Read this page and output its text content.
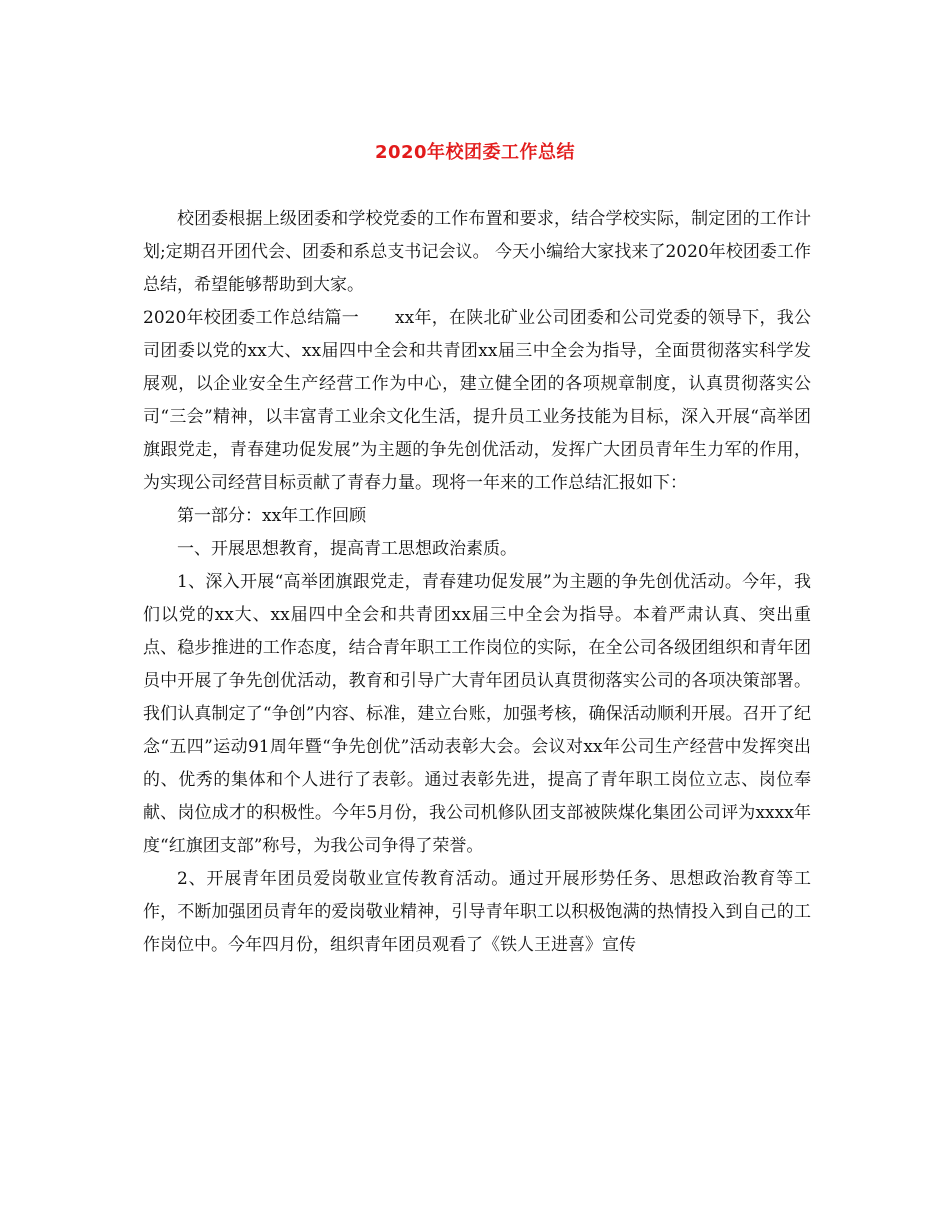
2020年校团委工作总结

校团委根据上级团委和学校党委的工作布置和要求，结合学校实际，制定团的工作计划;定期召开团代会、团委和系总支书记会议。 今天小编给大家找来了2020年校团委工作总结，希望能够帮助到大家。

2020年校团委工作总结篇一 xx年，在陕北矿业公司团委和公司党委的领导下，我公司团委以党的xx大、xx届四中全会和共青团xx届三中全会为指导，全面贯彻落实科学发展观，以企业安全生产经营工作为中心，建立健全团的各项规章制度，认真贯彻落实公司“三会”精神，以丰富青工业余文化生活，提升员工业务技能为目标，深入开展“高举团旗跟党走，青春建功促发展”为主题的争先创优活动，发挥广大团员青年生力军的作用，为实现公司经营目标贡献了青春力量。现将一年来的工作总结汇报如下：

第一部分：xx年工作回顾

一、开展思想教育，提高青工思想政治素质。

1、深入开展“高举团旗跟党走，青春建功促发展”为主题的争先创优活动。今年，我们以党的xx大、xx届四中全会和共青团xx届三中全会为指导。本着严肃认真、突出重点、稳步推进的工作态度，结合青年职工工作岗位的实际，在全公司各级团组织和青年团员中开展了争先创优活动，教育和引导广大青年团员认真贯彻落实公司的各项决策部署。我们认真制定了“争创”内容、标准，建立台账，加强考核，确保活动顺利开展。召开了纪念“五四”运动91周年暨“争先创优”活动表彰大会。会议对xx年公司生产经营中发挥突出的、优秀的集体和个人进行了表彰。通过表彰先进，提高了青年职工岗位立志、岗位奉献、岗位成才的积极性。今年5月份，我公司机修队团支部被陕煤化集团公司评为xxxx年度“红旗团支部”称号，为我公司争得了荣誉。

2、开展青年团员爱岗敬业宣传教育活动。通过开展形势任务、思想政治教育等工作，不断加强团员青年的爱岗敬业精神，引导青年职工以积极饱满的热情投入到自己的工作岗位中。今年四月份，组织青年团员观看了《铁人王进喜》宣传
